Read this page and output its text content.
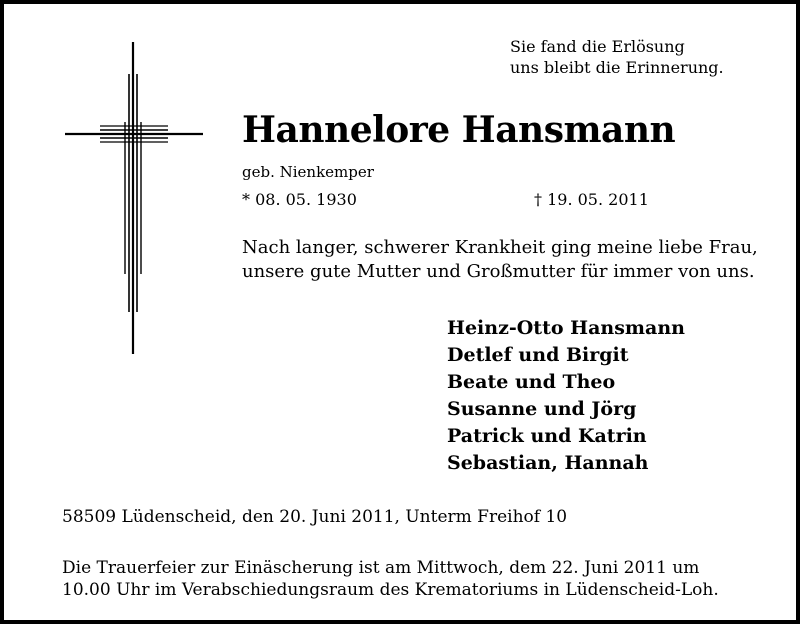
Sie fand die Erlösung
uns bleibt die Erinnerung.
Hannelore Hansmann
geb. Nienkemper
* 08. 05. 1930	† 19. 05. 2011
Nach langer, schwerer Krankheit ging meine liebe Frau,
unsere gute Mutter und Großmutter für immer von uns.
Heinz-Otto Hansmann
Detlef und Birgit
Beate und Theo
Susanne und Jörg
Patrick und Katrin
Sebastian, Hannah
58509 Lüdenscheid, den 20. Juni 2011, Unterm Freihof 10
Die Trauerfeier zur Einäscherung ist am Mittwoch, dem 22. Juni 2011 um
10.00 Uhr im Verabschiedungsraum des Krematoriums in Lüdenscheid-Loh.
